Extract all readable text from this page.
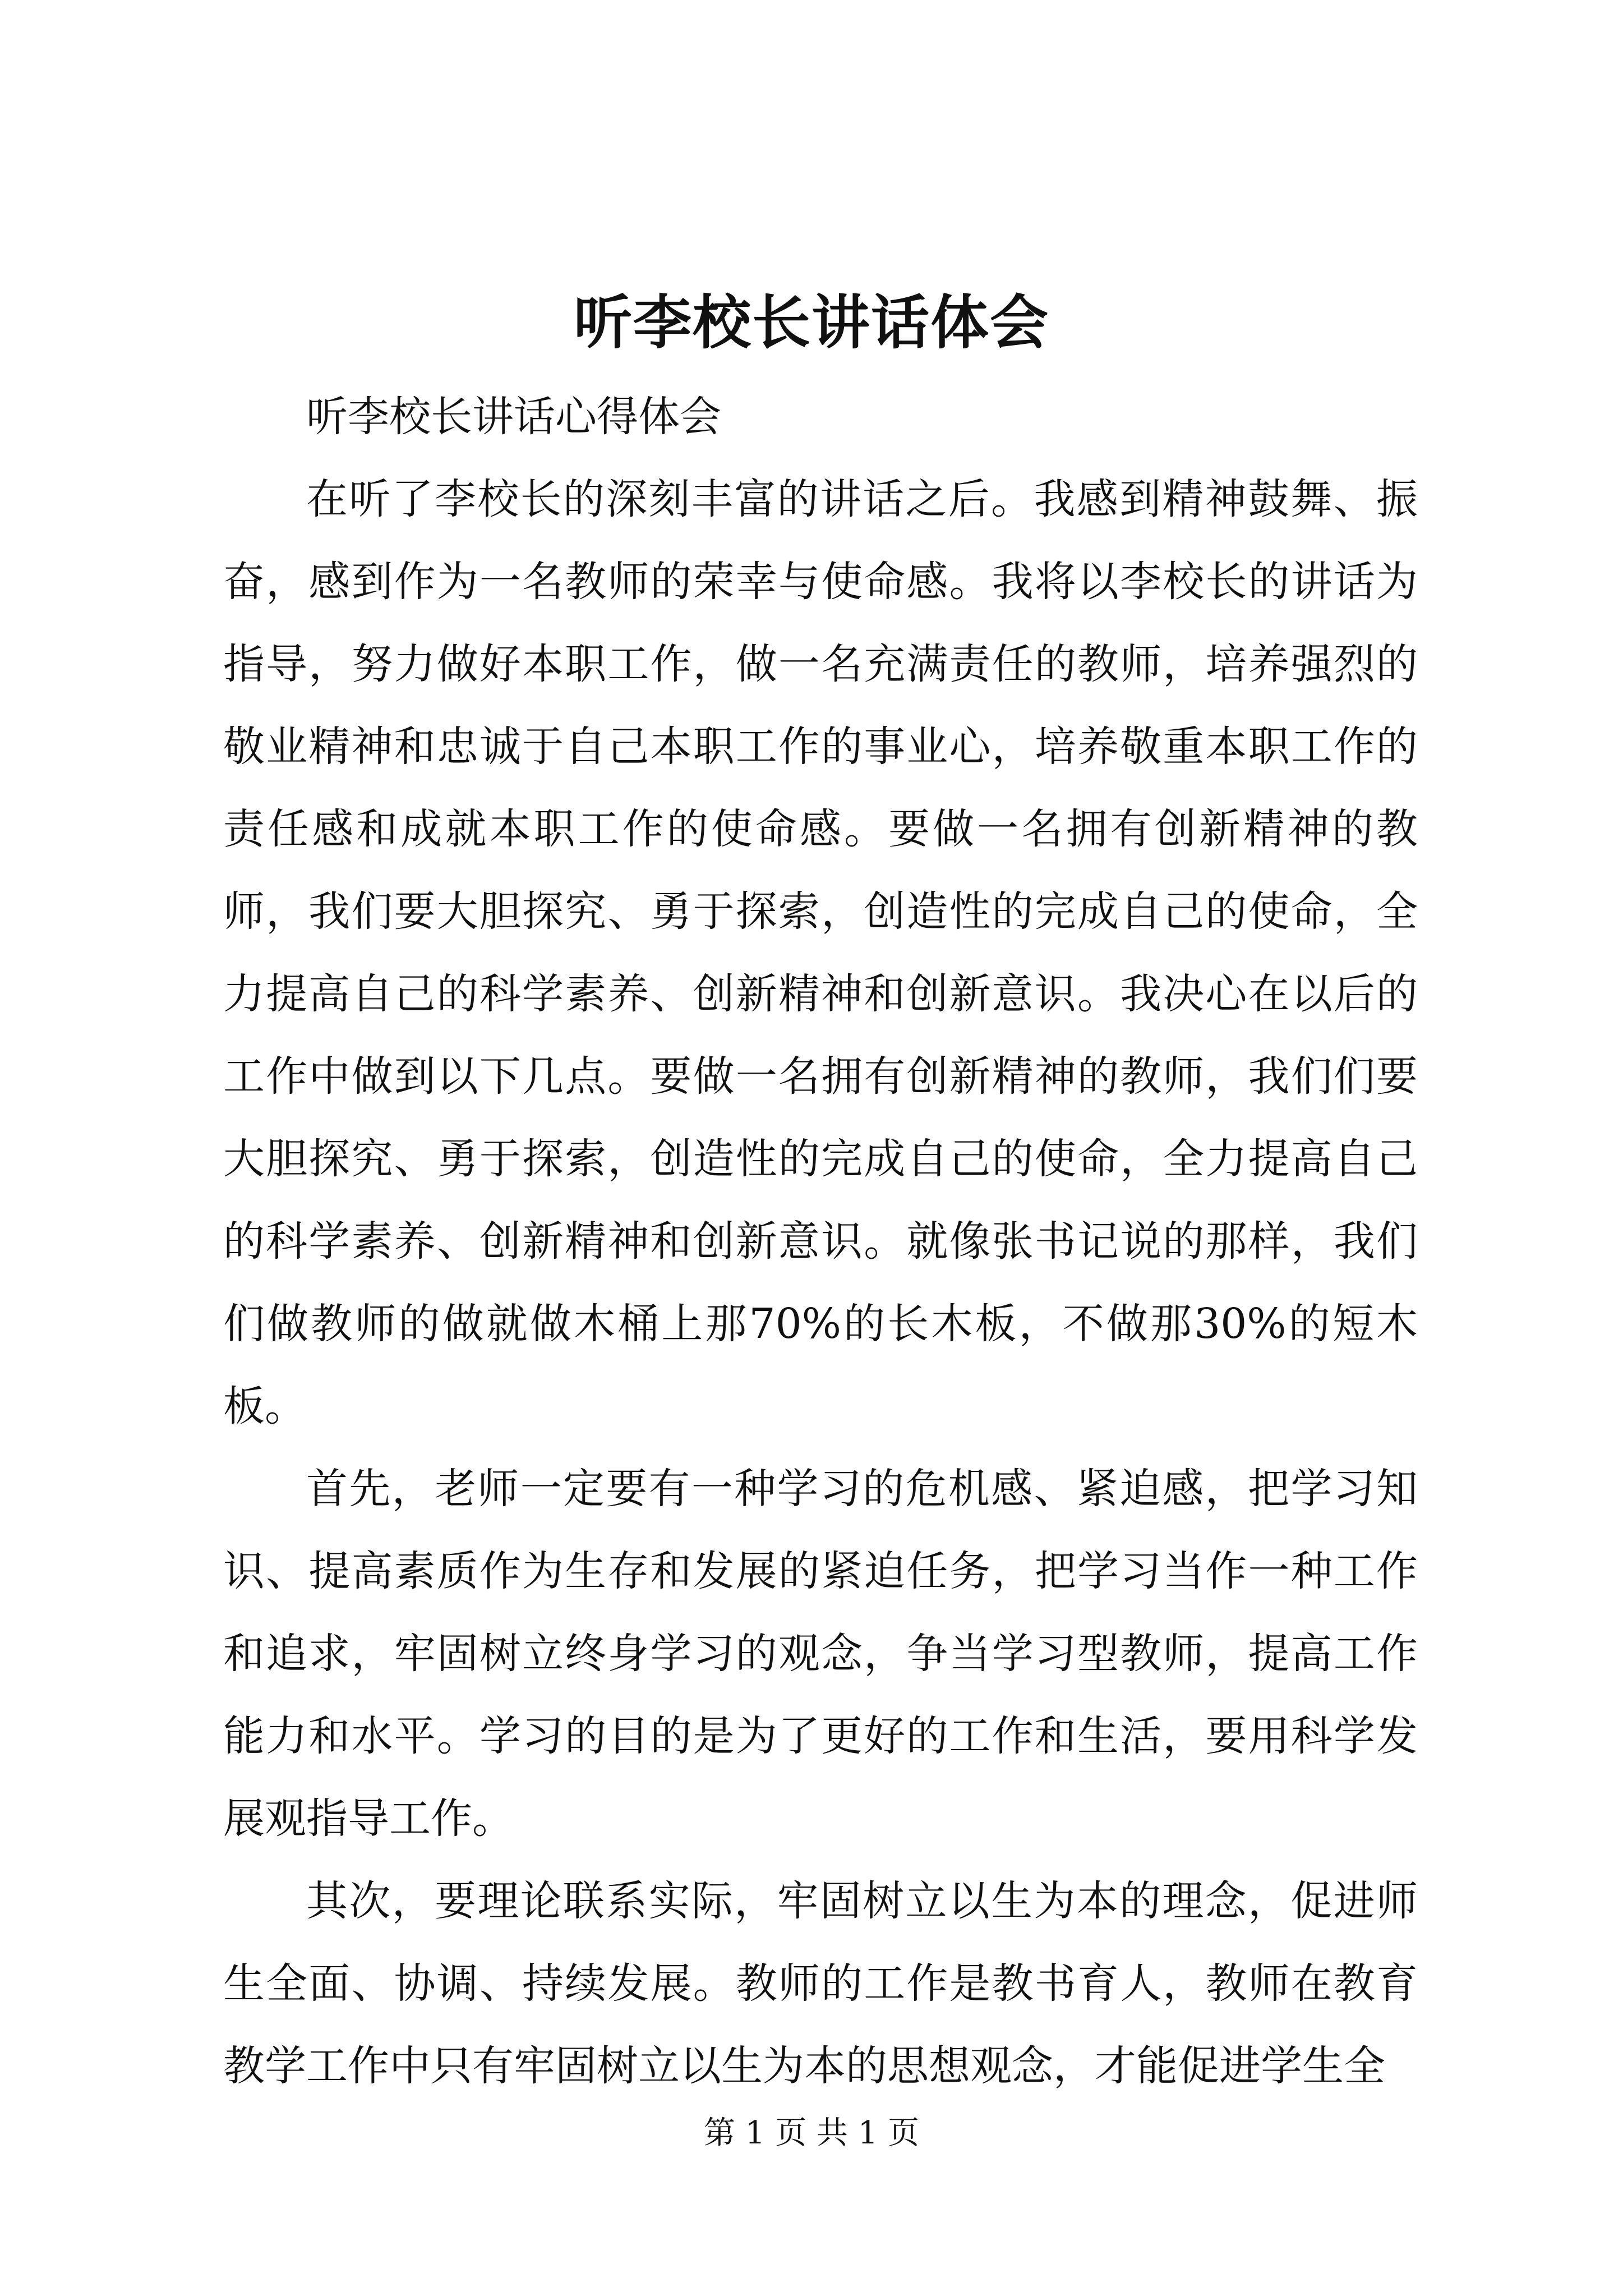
听李校长讲话体会

听李校长讲话心得体会

在听了李校长的深刻丰富的讲话之后。我感到精神鼓舞、振奋，感到作为一名教师的荣幸与使命感。我将以李校长的讲话为指导，努力做好本职工作，做一名充满责任的教师，培养强烈的敬业精神和忠诚于自己本职工作的事业心，培养敬重本职工作的责任感和成就本职工作的使命感。要做一名拥有创新精神的教师，我们要大胆探究、勇于探索，创造性的完成自己的使命，全力提高自己的科学素养、创新精神和创新意识。我决心在以后的工作中做到以下几点。要做一名拥有创新精神的教师，我们们要大胆探究、勇于探索，创造性的完成自己的使命，全力提高自己的科学素养、创新精神和创新意识。就像张书记说的那样，我们们做教师的做就做木桶上那70%的长木板，不做那30%的短木板。

首先，老师一定要有一种学习的危机感、紧迫感，把学习知识、提高素质作为生存和发展的紧迫任务，把学习当作一种工作和追求，牢固树立终身学习的观念，争当学习型教师，提高工作能力和水平。学习的目的是为了更好的工作和生活，要用科学发展观指导工作。

其次，要理论联系实际，牢固树立以生为本的理念，促进师生全面、协调、持续发展。教师的工作是教书育人，教师在教育教学工作中只有牢固树立以生为本的思想观念，才能促进学生全

第 1 页 共 1 页
